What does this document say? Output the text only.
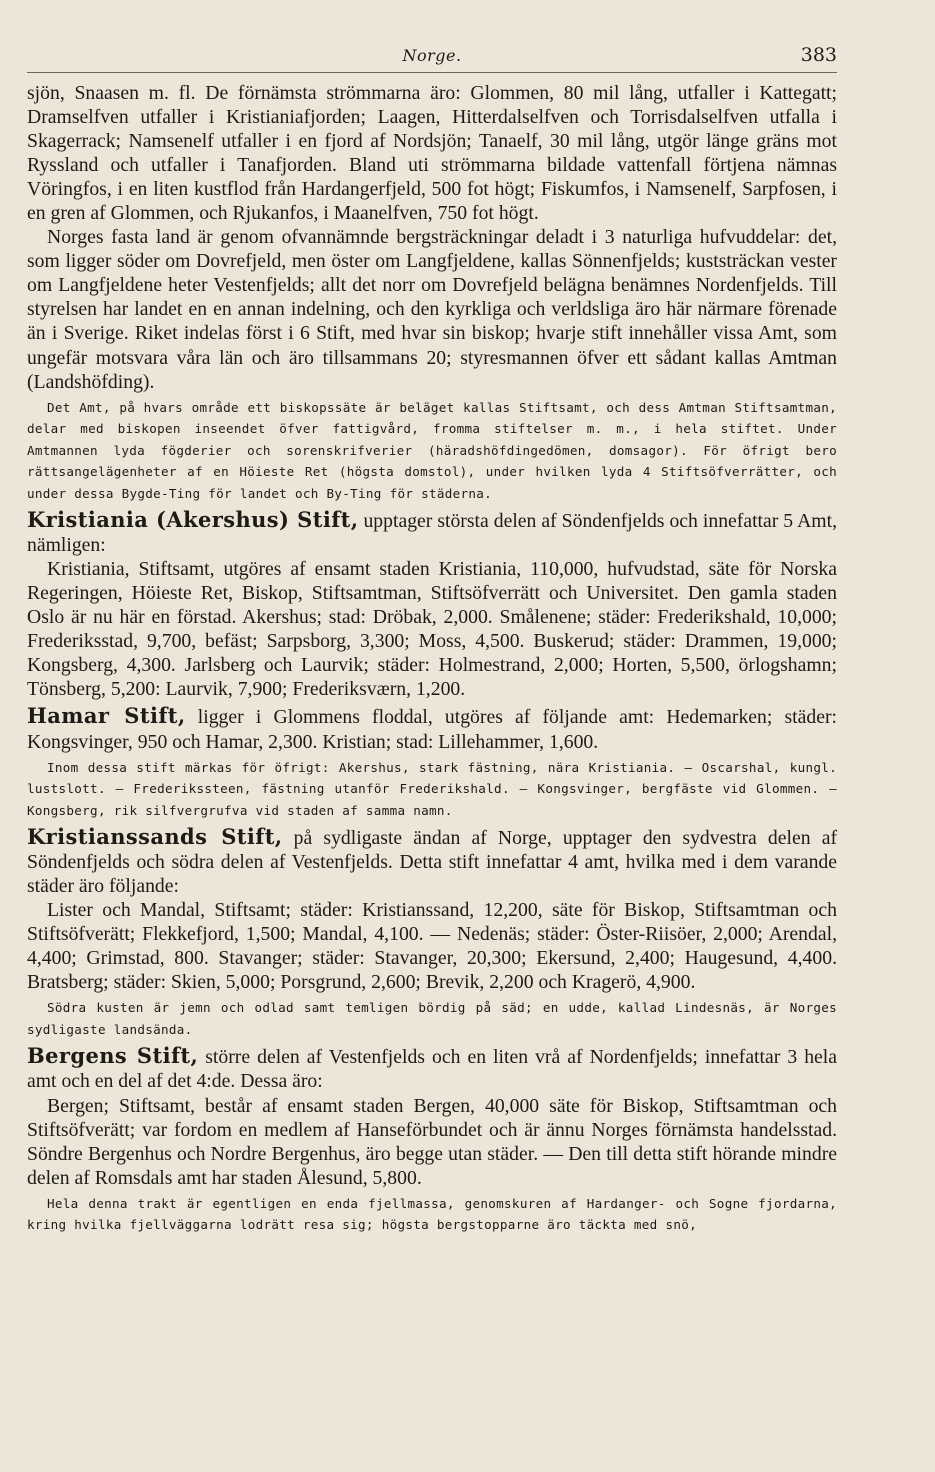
Norge.	383

sjön, Snaasen m. fl. De förnämsta strömmarna äro: Glommen, 80 mil lång, utfaller i Kattegatt; Dramselfven utfaller i Kristianiafjorden; Laagen, Hitterdalselfven och Torrisdalselfven utfalla i Skagerrack; Namsenelf utfaller i en fjord af Nordsjön; Tanaelf, 30 mil lång, utgör länge gräns mot Ryssland och utfaller i Tanafjorden. Bland uti strömmarna bildade vattenfall förtjena nämnas Vöringfos, i en liten kustflod från Hardangerfjeld, 500 fot högt; Fiskumfos, i Namsenelf, Sarpfosen, i en gren af Glommen, och Rjukanfos, i Maanelfven, 750 fot högt.

Norges fasta land är genom ofvannämnde bergsträckningar deladt i 3 naturliga hufvuddelar: det, som ligger söder om Dovrefjeld, men öster om Langfjeldene, kallas Sönnenfjelds; kuststräckan vester om Langfjeldene heter Vestenfjelds; allt det norr om Dovrefjeld belägna benämnes Nordenfjelds. Till styrelsen har landet en en annan indelning, och den kyrkliga och verldsliga äro här närmare förenade än i Sverige. Riket indelas först i 6 Stift, med hvar sin biskop; hvarje stift innehåller vissa Amt, som ungefär motsvara våra län och äro tillsammans 20; styresmannen öfver ett sådant kallas Amtman (Landshöfding).

Det Amt, på hvars område ett biskopssäte är beläget kallas Stiftsamt, och dess Amtman Stiftsamtman, delar med biskopen inseendet öfver fattigvård, fromma stiftelser m. m., i hela stiftet. Under Amtmannen lyda fögderier och sorenskrifverier (häradshöfdingedömen, domsagor). För öfrigt bero rättsangelägenheter af en Höieste Ret (högsta domstol), under hvilken lyda 4 Stiftsöfverrätter, och under dessa Bygde-Ting för landet och By-Ting för städerna.

Kristiania (Akershus) Stift, upptager största delen af Söndenfjelds och innefattar 5 Amt, nämligen:

Kristiania, Stiftsamt, utgöres af ensamt staden Kristiania, 110,000, hufvudstad, säte för Norska Regeringen, Höieste Ret, Biskop, Stiftsamtman, Stiftsöfverrätt och Universitet. Den gamla staden Oslo är nu här en förstad. Akershus; stad: Dröbak, 2,000. Smålenene; städer: Frederikshald, 10,000; Frederiksstad, 9,700, befäst; Sarpsborg, 3,300; Moss, 4,500. Buskerud; städer: Drammen, 19,000; Kongsberg, 4,300. Jarlsberg och Laurvik; städer: Holmestrand, 2,000; Horten, 5,500, örlogshamn; Tönsberg, 5,200: Laurvik, 7,900; Frederiksværn, 1,200.

Hamar Stift, ligger i Glommens floddal, utgöres af följande amt: Hedemarken; städer: Kongsvinger, 950 och Hamar, 2,300. Kristian; stad: Lillehammer, 1,600.

Inom dessa stift märkas för öfrigt: Akershus, stark fästning, nära Kristiania. — Oscarshal, kungl. lustslott. — Frederikssteen, fästning utanför Frederikshald. — Kongsvinger, bergfäste vid Glommen. — Kongsberg, rik silfvergrufva vid staden af samma namn.

Kristianssands Stift, på sydligaste ändan af Norge, upptager den sydvestra delen af Söndenfjelds och södra delen af Vestenfjelds. Detta stift innefattar 4 amt, hvilka med i dem varande städer äro följande:

Lister och Mandal, Stiftsamt; städer: Kristianssand, 12,200, säte för Biskop, Stiftsamtman och Stiftsöfverätt; Flekkefjord, 1,500; Mandal, 4,100. — Nedenäs; städer: Öster-Riisöer, 2,000; Arendal, 4,400; Grimstad, 800. Stavanger; städer: Stavanger, 20,300; Ekersund, 2,400; Haugesund, 4,400. Bratsberg; städer: Skien, 5,000; Porsgrund, 2,600; Brevik, 2,200 och Kragerö, 4,900.

Södra kusten är jemn och odlad samt temligen bördig på säd; en udde, kallad Lindesnäs, är Norges sydligaste landsända.

Bergens Stift, större delen af Vestenfjelds och en liten vrå af Nordenfjelds; innefattar 3 hela amt och en del af det 4:de. Dessa äro:

Bergen; Stiftsamt, består af ensamt staden Bergen, 40,000 säte för Biskop, Stiftsamtman och Stiftsöfverätt; var fordom en medlem af Hanseförbundet och är ännu Norges förnämsta handelsstad. Söndre Bergenhus och Nordre Bergenhus, äro begge utan städer. — Den till detta stift hörande mindre delen af Romsdals amt har staden Ålesund, 5,800.

Hela denna trakt är egentligen en enda fjellmassa, genomskuren af Hardanger- och Sogne fjordarna, kring hvilka fjellväggarna lodrätt resa sig; högsta bergstopparne äro täckta med snö,
